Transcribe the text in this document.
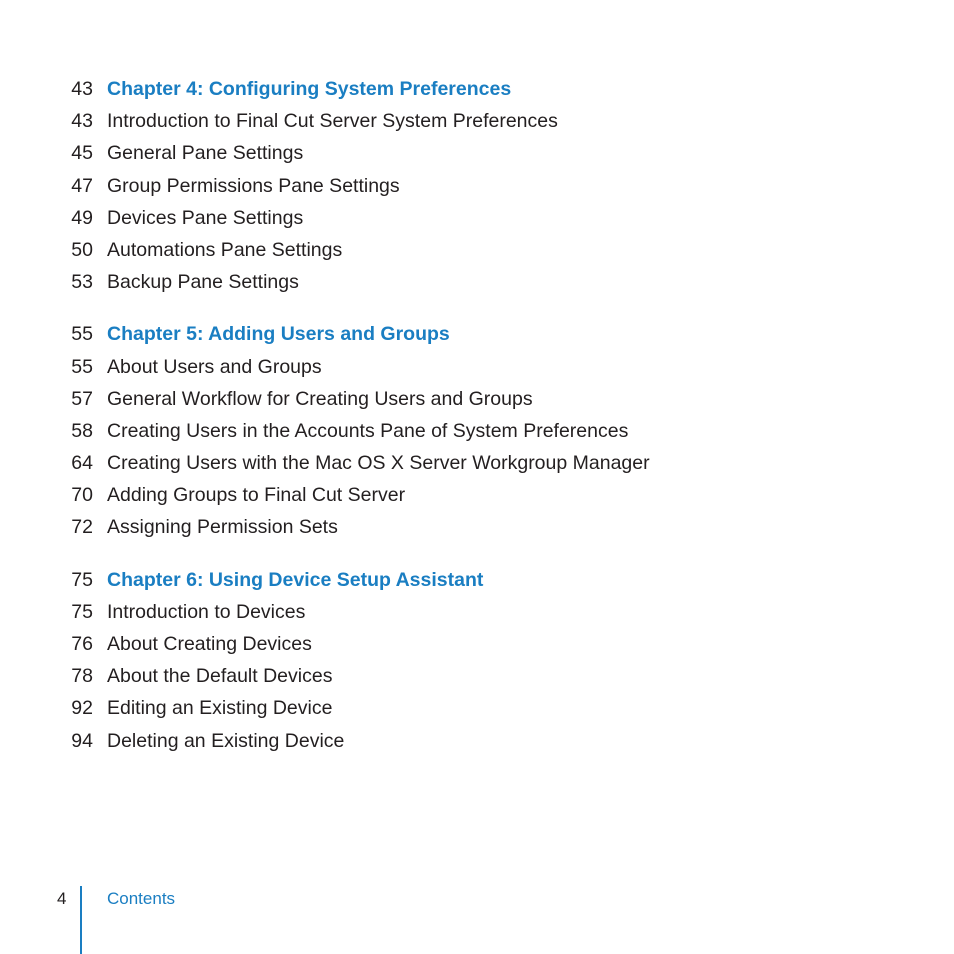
43 Chapter 4: Configuring System Preferences
43 Introduction to Final Cut Server System Preferences
45 General Pane Settings
47 Group Permissions Pane Settings
49 Devices Pane Settings
50 Automations Pane Settings
53 Backup Pane Settings
55 Chapter 5: Adding Users and Groups
55 About Users and Groups
57 General Workflow for Creating Users and Groups
58 Creating Users in the Accounts Pane of System Preferences
64 Creating Users with the Mac OS X Server Workgroup Manager
70 Adding Groups to Final Cut Server
72 Assigning Permission Sets
75 Chapter 6: Using Device Setup Assistant
75 Introduction to Devices
76 About Creating Devices
78 About the Default Devices
92 Editing an Existing Device
94 Deleting an Existing Device
4 Contents
